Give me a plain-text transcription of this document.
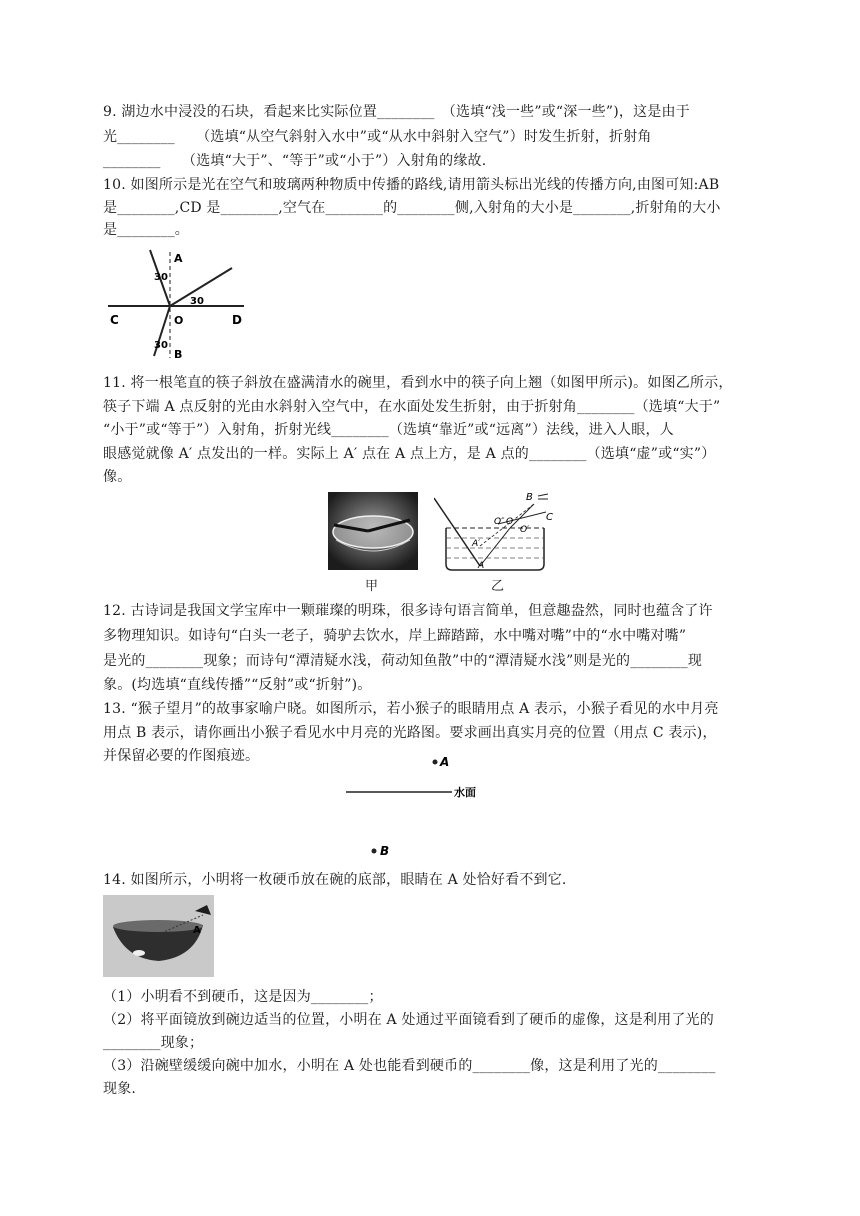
9. 湖边水中浸没的石块，看起来比实际位置________　（选填“浅一些”或“深一些”)，这是由于
光________　　（选填“从空气斜射入水中”或“从水中斜射入空气”）时发生折射，折射角
________　　（选填“大于”、“等于”或“小于”）入射角的缘故.
10. 如图所示是光在空气和玻璃两种物质中传播的路线,请用箭头标出光线的传播方向,由图可知:AB
是________,CD 是________,空气在________的________侧,入射角的大小是________,折射角的大小
是________。
A
B
C	D
O
30
30
30
11. 将一根笔直的筷子斜放在盛满清水的碗里，看到水中的筷子向上翘（如图甲所示)。如图乙所示，
筷子下端 A 点反射的光由水斜射入空气中，在水面处发生折射，由于折射角________（选填“大于”
“小于”或“等于”）入射角，折射光线________（选填“靠近”或“远离”）法线，进入人眼，人
眼感觉就像 A′ 点发出的一样。实际上 A′ 点在 A 点上方，是 A 点的________（选填“虚”或“实”）
像。
甲
B
C
O″ O
O′
A′
A
乙
12. 古诗词是我国文学宝库中一颗璀璨的明珠，很多诗句语言简单，但意趣盎然，同时也蕴含了许
多物理知识。如诗句“白头一老子，骑驴去饮水，岸上蹄踏蹄，水中嘴对嘴”中的“水中嘴对嘴”
是光的________现象；而诗句“潭清疑水浅，荷动知鱼散”中的“潭清疑水浅”则是光的________现
象。(均选填“直线传播”“反射”或“折射”)。
13. “猴子望月”的故事家喻户晓。如图所示，若小猴子的眼睛用点 A 表示，小猴子看见的水中月亮
用点 B 表示，请你画出小猴子看见水中月亮的光路图。要求画出真实月亮的位置（用点 C 表示)，
并保留必要的作图痕迹。	A
水面
B
14. 如图所示，小明将一枚硬币放在碗的底部，眼睛在 A 处恰好看不到它.
A
（1）小明看不到硬币，这是因为________；
（2）将平面镜放到碗边适当的位置，小明在 A 处通过平面镜看到了硬币的虚像，这是利用了光的
________现象；
（3）沿碗壁缓缓向碗中加水，小明在 A 处也能看到硬币的________像，这是利用了光的________
现象.
